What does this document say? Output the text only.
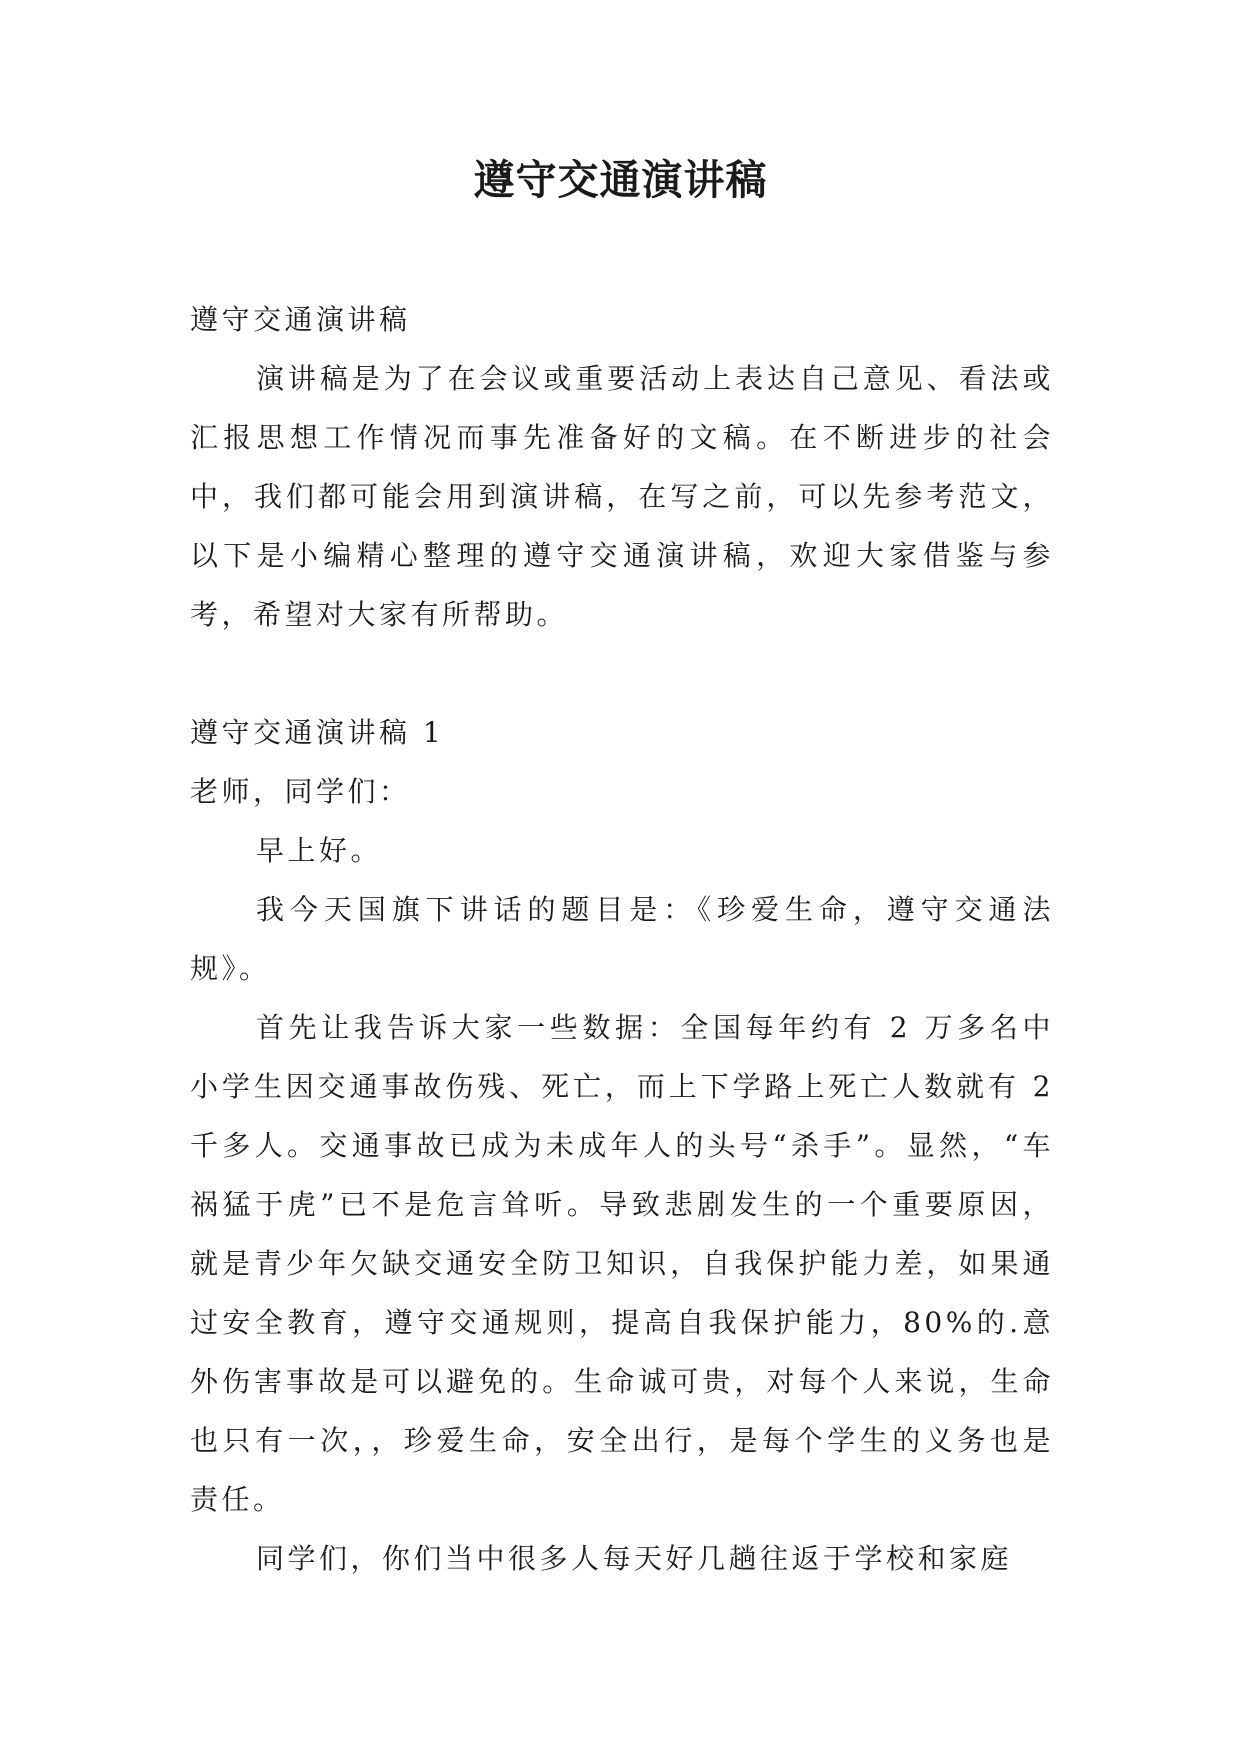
遵守交通演讲稿

遵守交通演讲稿

演讲稿是为了在会议或重要活动上表达自己意见、看法或汇报思想工作情况而事先准备好的文稿。在不断进步的社会中，我们都可能会用到演讲稿，在写之前，可以先参考范文，以下是小编精心整理的遵守交通演讲稿，欢迎大家借鉴与参考，希望对大家有所帮助。

遵守交通演讲稿 1

老师，同学们：

早上好。

我今天国旗下讲话的题目是：《珍爱生命，遵守交通法规》。

首先让我告诉大家一些数据：全国每年约有 2 万多名中小学生因交通事故伤残、死亡，而上下学路上死亡人数就有 2 千多人。交通事故已成为未成年人的头号“杀手”。显然，“车祸猛于虎”已不是危言耸听。导致悲剧发生的一个重要原因，就是青少年欠缺交通安全防卫知识，自我保护能力差，如果通过安全教育，遵守交通规则，提高自我保护能力，80%的.意外伤害事故是可以避免的。生命诚可贵，对每个人来说，生命也只有一次，，珍爱生命，安全出行，是每个学生的义务也是责任。

同学们，你们当中很多人每天好几趟往返于学校和家庭
